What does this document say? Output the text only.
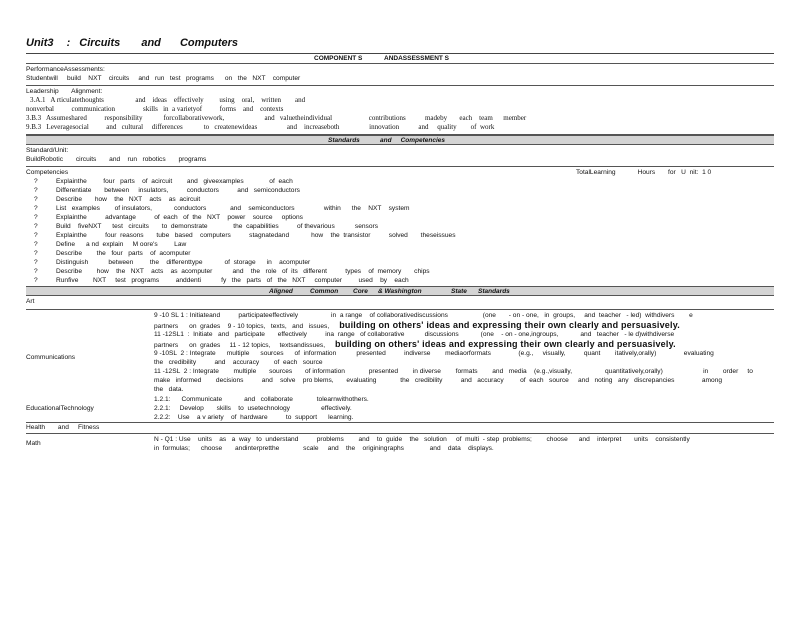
Unit3 : Circuits and Computers
COMPONENT S	ANDASSESSMENT S
PerformanceAssessments:
Studentwill     build    NXT    circuits     and   run   test   programs      on   the   NXT    computer
Leadership       Alignment:
3.A.1   A rticulatethoughts                  and    ideas    effectively         using    oral,    written        and
nonverbal          communication                skills   in  a varietyof          forms    and    contexts
3.B.3   Assumeshared          responsibility            forcollaborativework,                       and   valuetheindividual                     contributions           madeby       each    team      member
9.B.3   Leveragesocial          and   cultural     differences            to   createnewideas                 and    increaseboth                 innovation           and     quality        of  work
Standards	and     Competencies
Standard/Unit:
BuildRobotic       circuits       and    run   robotics       programs
Competencies	TotalLearning            Hours       for   U  nit:  1 0
?	Explainthe         four   parts    of  acircuit        and   giveexamples              of  each
?	Differentiate       between     insulators,          conductors          and   semiconductors
?	Describe       how    the   NXT    acts    as  acircuit
?	List   examples        of insulators,            conductors             and    semiconductors                within      the    NXT    system
?	Explainthe          advantage          of  each   of  the   NXT    power    source     options
?	Build    fiveNXT      test   circuits       to  demonstrate              the  capabilities          of thevarious           sensors
?	Explainthe          four  reasons       tube   based    computers          stagnatedand            how    the  transistor          solved       theseissues
?	Define      a nd  explain     M oore's         Law
?	Describe        the   four   parts    of  acomputer
?	Distinguish           between         the    differenttype            of  storage      in    acomputer
?	Describe        how    the   NXT    acts    as  acomputer           and    the   role   of  its   different          types    of  memory       chips
?	Runfive        NXT     test   programs         anddenti           fy   the   parts   of   the   NXT     computer         used    by    each
Aligned	Common Core & Washington	State Standards
Art
Communications
9 -10 SL 1 : Initiateand          participateeffectively                  in  a range    of collaborativediscussions                   (one       - on - one,   in  groups,     and  teacher   - led)  withdivers        e
partners      on  grades    9 - 10 topics,   texts,   and   issues, building on others' ideas and expressing their own clearly and persuasively.
11 -12SL1  :  Initiate   and   participate       effectively          ina  range   of collaborative           discussions            (one    - on - one,ingroups,            and   teacher   - le d)withdiverse
partners      on  grades     11 - 12 topics,     textsandissues, building on others' ideas and expressing their own clearly and persuasively.
9 -10SL  2 : Integrate      multiple      sources      of  information           presented          indiverse        mediaorformats               (e.g.,     visually,          quant        itatively,orally)               evaluating
the   credibility          and    accuracy        of  each   source
11 -12SL  2 : Integrate        multiple       sources       of information             presented        in diverse        formats        and   media    (e.g.,visually,                  quantitatively,orally)                      in        order     to
make   informed        decisions          and    solve    pro blems,       evaluating             the   credibility          and   accuracy         of  each   source     and   noting   any   discrepancies               among
the   data.
EducationalTechnology
1.2.1:      Communicate            and   collaborate             tolearnwithothers.
2.2.1:     Develop       skills    to  usetechnology                 effectively.
2.2.2:    Use    a v ariety    of  hardware          to  support      learning.
Health       and     Fitness
Math
N - Q1 : Use    units    as   a  way   to  understand          problems        and    to  guide    the   solution     of  multi  - step  problems;        choose      and    interpret       units    consistently
in  formulas;      choose       andinterpretthe             scale     and    the    originingraphs              and    data    displays.
